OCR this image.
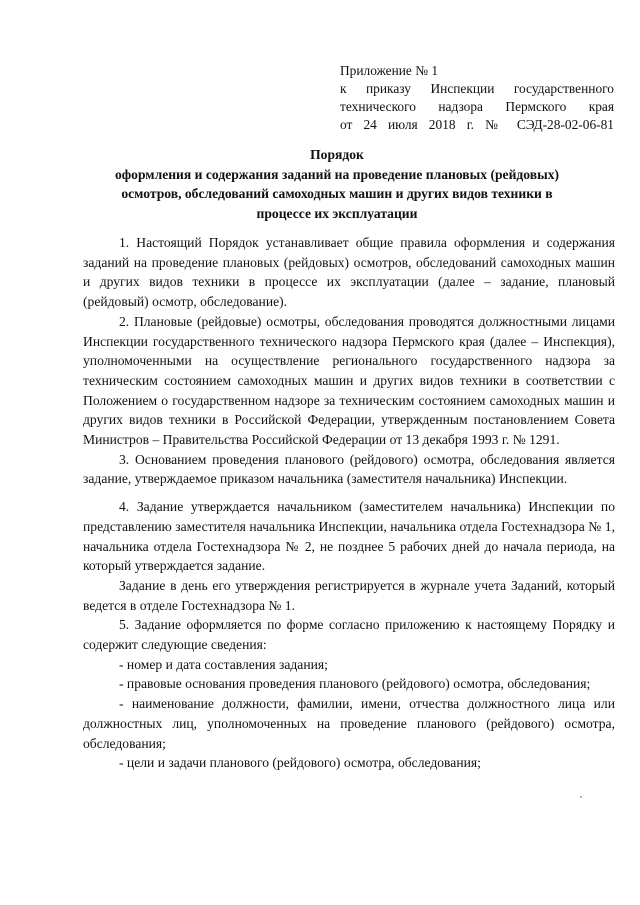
Приложение № 1
к приказу Инспекции государственного
технического надзора Пермского края
от 24 июля 2018 г. № СЭД-28-02-06-81
Порядок
оформления и содержания заданий на проведение плановых (рейдовых)
осмотров, обследований самоходных машин и других видов техники в
процессе их эксплуатации

1. Настоящий Порядок устанавливает общие правила оформления и содержания заданий на проведение плановых (рейдовых) осмотров, обследований самоходных машин и других видов техники в процессе их эксплуатации (далее – задание, плановый (рейдовый) осмотр, обследование).

2. Плановые (рейдовые) осмотры, обследования проводятся должностными лицами Инспекции государственного технического надзора Пермского края (далее – Инспекция), уполномоченными на осуществление регионального государственного надзора за техническим состоянием самоходных машин и других видов техники в соответствии с Положением о государственном надзоре за техническим состоянием самоходных машин и других видов техники в Российской Федерации, утвержденным постановлением Совета Министров – Правительства Российской Федерации от 13 декабря 1993 г. № 1291.

3. Основанием проведения планового (рейдового) осмотра, обследования является задание, утверждаемое приказом начальника (заместителя начальника) Инспекции.

4. Задание утверждается начальником (заместителем начальника) Инспекции по представлению заместителя начальника Инспекции, начальника отдела Гостехнадзора № 1, начальника отдела Гостехнадзора № 2, не позднее 5 рабочих дней до начала периода, на который утверждается задание.

Задание в день его утверждения регистрируется в журнале учета Заданий, который ведется в отделе Гостехнадзора № 1.

5. Задание оформляется по форме согласно приложению к настоящему Порядку и содержит следующие сведения:

- номер и дата составления задания;

- правовые основания проведения планового (рейдового) осмотра, обследования;

- наименование должности, фамилии, имени, отчества должностного лица или должностных лиц, уполномоченных на проведение планового (рейдового) осмотра, обследования;

- цели и задачи планового (рейдового) осмотра, обследования;
